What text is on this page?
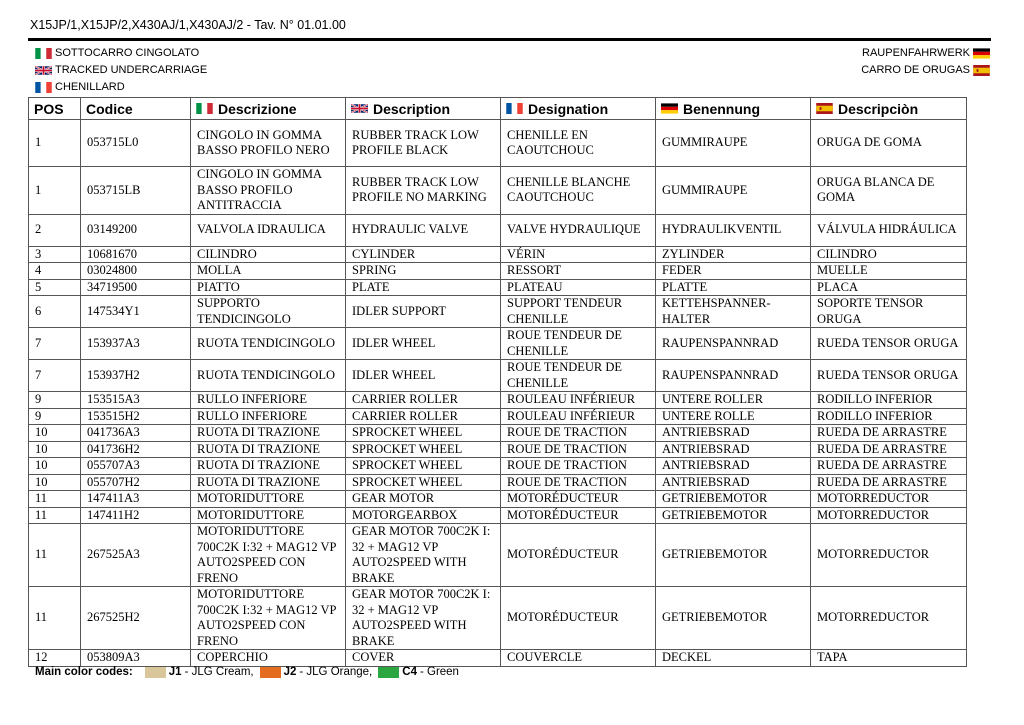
X15JP/1,X15JP/2,X430AJ/1,X430AJ/2 - Tav. N° 01.01.00
SOTTOCARRO CINGOLATO
TRACKED UNDERCARRIAGE
CHENILLARD
RAUPENFAHRWERK
CARRO DE ORUGAS
POS	Codice	Descrizione	Description	Designation	Benennung	Descripciòn

1	053715L0	CINGOLO IN GOMMA BASSO PROFILO NERO	RUBBER TRACK LOW PROFILE BLACK	CHENILLE EN CAOUTCHOUC	GUMMIRAUPE	ORUGA DE GOMA
1	053715LB	CINGOLO IN GOMMA BASSO PROFILO ANTITRACCIA	RUBBER TRACK LOW PROFILE NO MARKING	CHENILLE BLANCHE CAOUTCHOUC	GUMMIRAUPE	ORUGA BLANCA DE GOMA
2	03149200	VALVOLA IDRAULICA	HYDRAULIC VALVE	VALVE HYDRAULIQUE	HYDRAULIKVENTIL	VÁLVULA HIDRÁULICA
3	10681670	CILINDRO	CYLINDER	VÉRIN	ZYLINDER	CILINDRO
4	03024800	MOLLA	SPRING	RESSORT	FEDER	MUELLE
5	34719500	PIATTO	PLATE	PLATEAU	PLATTE	PLACA
6	147534Y1	SUPPORTO TENDICINGOLO	IDLER SUPPORT	SUPPORT TENDEUR CHENILLE	KETTEHSPANNER-HALTER	SOPORTE TENSOR ORUGA
7	153937A3	RUOTA TENDICINGOLO	IDLER WHEEL	ROUE TENDEUR DE CHENILLE	RAUPENSPANNRAD	RUEDA TENSOR ORUGA
7	153937H2	RUOTA TENDICINGOLO	IDLER WHEEL	ROUE TENDEUR DE CHENILLE	RAUPENSPANNRAD	RUEDA TENSOR ORUGA
9	153515A3	RULLO INFERIORE	CARRIER ROLLER	ROULEAU INFÉRIEUR	UNTERE ROLLER	RODILLO INFERIOR
9	153515H2	RULLO INFERIORE	CARRIER ROLLER	ROULEAU INFÉRIEUR	UNTERE ROLLE	RODILLO INFERIOR
10	041736A3	RUOTA DI TRAZIONE	SPROCKET WHEEL	ROUE DE TRACTION	ANTRIEBSRAD	RUEDA DE ARRASTRE
10	041736H2	RUOTA DI TRAZIONE	SPROCKET WHEEL	ROUE DE TRACTION	ANTRIEBSRAD	RUEDA DE ARRASTRE
10	055707A3	RUOTA DI TRAZIONE	SPROCKET WHEEL	ROUE DE TRACTION	ANTRIEBSRAD	RUEDA DE ARRASTRE
10	055707H2	RUOTA DI TRAZIONE	SPROCKET WHEEL	ROUE DE TRACTION	ANTRIEBSRAD	RUEDA DE ARRASTRE
11	147411A3	MOTORIDUTTORE	GEAR MOTOR	MOTORÉDUCTEUR	GETRIEBEMOTOR	MOTORREDUCTOR
11	147411H2	MOTORIDUTTORE	MOTORGEARBOX	MOTORÉDUCTEUR	GETRIEBEMOTOR	MOTORREDUCTOR
11	267525A3	MOTORIDUTTORE 700C2K I:32 + MAG12 VP AUTO2SPEED CON FRENO	GEAR MOTOR 700C2K I: 32 + MAG12 VP AUTO2SPEED WITH BRAKE	MOTORÉDUCTEUR	GETRIEBEMOTOR	MOTORREDUCTOR
11	267525H2	MOTORIDUTTORE 700C2K I:32 + MAG12 VP AUTO2SPEED CON FRENO	GEAR MOTOR 700C2K I: 32 + MAG12 VP AUTO2SPEED WITH BRAKE	MOTORÉDUCTEUR	GETRIEBEMOTOR	MOTORREDUCTOR
12	053809A3	COPERCHIO	COVER	COUVERCLE	DECKEL	TAPA
Main color codes:	J1 - JLG Cream,	J2 - JLG Orange,	C4 - Green
